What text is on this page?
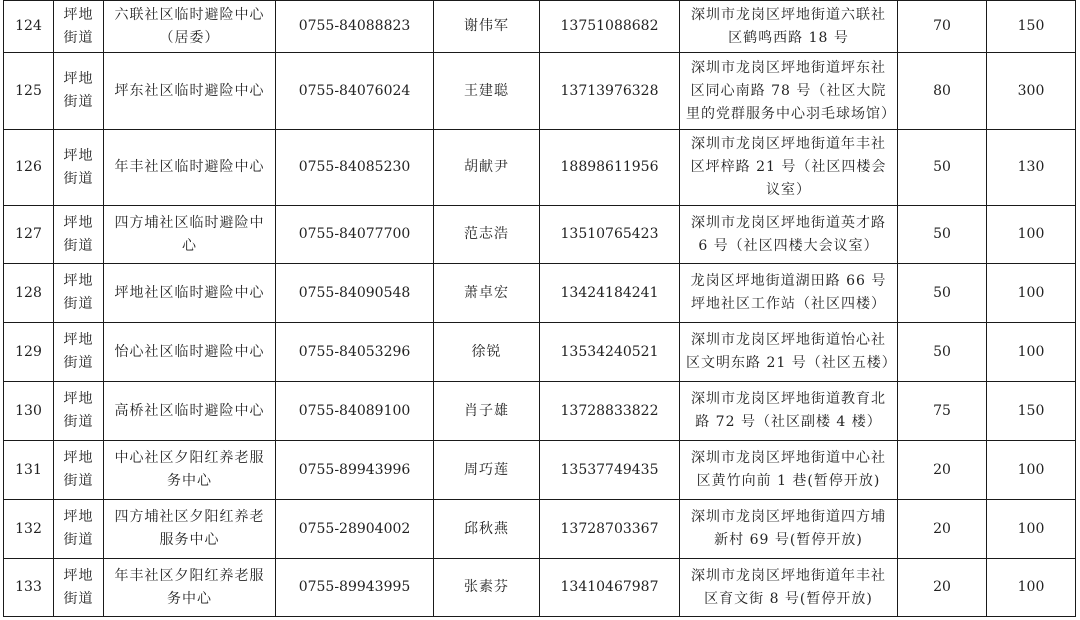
124	坪地街道	六联社区临时避险中心（居委）	0755-84088823	谢伟军	13751088682	深圳市龙岗区坪地街道六联社区鹤鸣西路 18 号	70	150
125	坪地街道	坪东社区临时避险中心	0755-84076024	王建聪	13713976328	深圳市龙岗区坪地街道坪东社区同心南路 78 号（社区大院里的党群服务中心羽毛球场馆）	80	300
126	坪地街道	年丰社区临时避险中心	0755-84085230	胡献尹	18898611956	深圳市龙岗区坪地街道年丰社区坪梓路 21 号（社区四楼会议室）	50	130
127	坪地街道	四方埔社区临时避险中心	0755-84077700	范志浩	13510765423	深圳市龙岗区坪地街道英才路 6 号（社区四楼大会议室）	50	100
128	坪地街道	坪地社区临时避险中心	0755-84090548	萧卓宏	13424184241	龙岗区坪地街道湖田路 66 号坪地社区工作站（社区四楼）	50	100
129	坪地街道	怡心社区临时避险中心	0755-84053296	徐锐	13534240521	深圳市龙岗区坪地街道怡心社区文明东路 21 号（社区五楼）	50	100
130	坪地街道	高桥社区临时避险中心	0755-84089100	肖子雄	13728833822	深圳市龙岗区坪地街道教育北路 72 号（社区副楼 4 楼）	75	150
131	坪地街道	中心社区夕阳红养老服务中心	0755-89943996	周巧莲	13537749435	深圳市龙岗区坪地街道中心社区黄竹向前 1 巷(暂停开放)	20	100
132	坪地街道	四方埔社区夕阳红养老服务中心	0755-28904002	邱秋燕	13728703367	深圳市龙岗区坪地街道四方埔新村 69 号(暂停开放)	20	100
133	坪地街道	年丰社区夕阳红养老服务中心	0755-89943995	张素芬	13410467987	深圳市龙岗区坪地街道年丰社区育文街 8 号(暂停开放)	20	100
